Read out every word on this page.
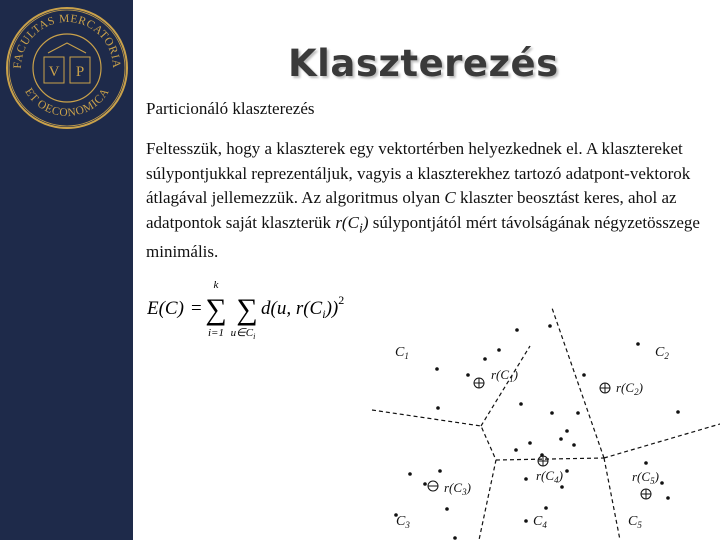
FACULTAS MERCATORIA
ET OECONOMICA
V P	Klaszterezés

Particionáló klaszterezés

Feltesszük, hogy a klaszterek egy vektortérben helyezkednek el. A klasztereket súlypontjukkal reprezentáljuk, vagyis a klaszterekhez tartozó adatpont-vektorok átlagával jellemezzük. Az algoritmus olyan C klaszter beosztást keres, ahol az adatpontok saját klaszterük $r(C_i)$ súlypontjától mért távolságának négyzetösszege minimális.

E(C) =
k
∑
i=1
∑
$u\in C_i$
d(u, $r(C_i))^2$
$C_1$	$C_2$
$C_3$	$C_4$	$C_5$
$r(C_1)$
$r(C_2)$
$r(C_3)$
$r(C_4)$	$r(C_5)$
